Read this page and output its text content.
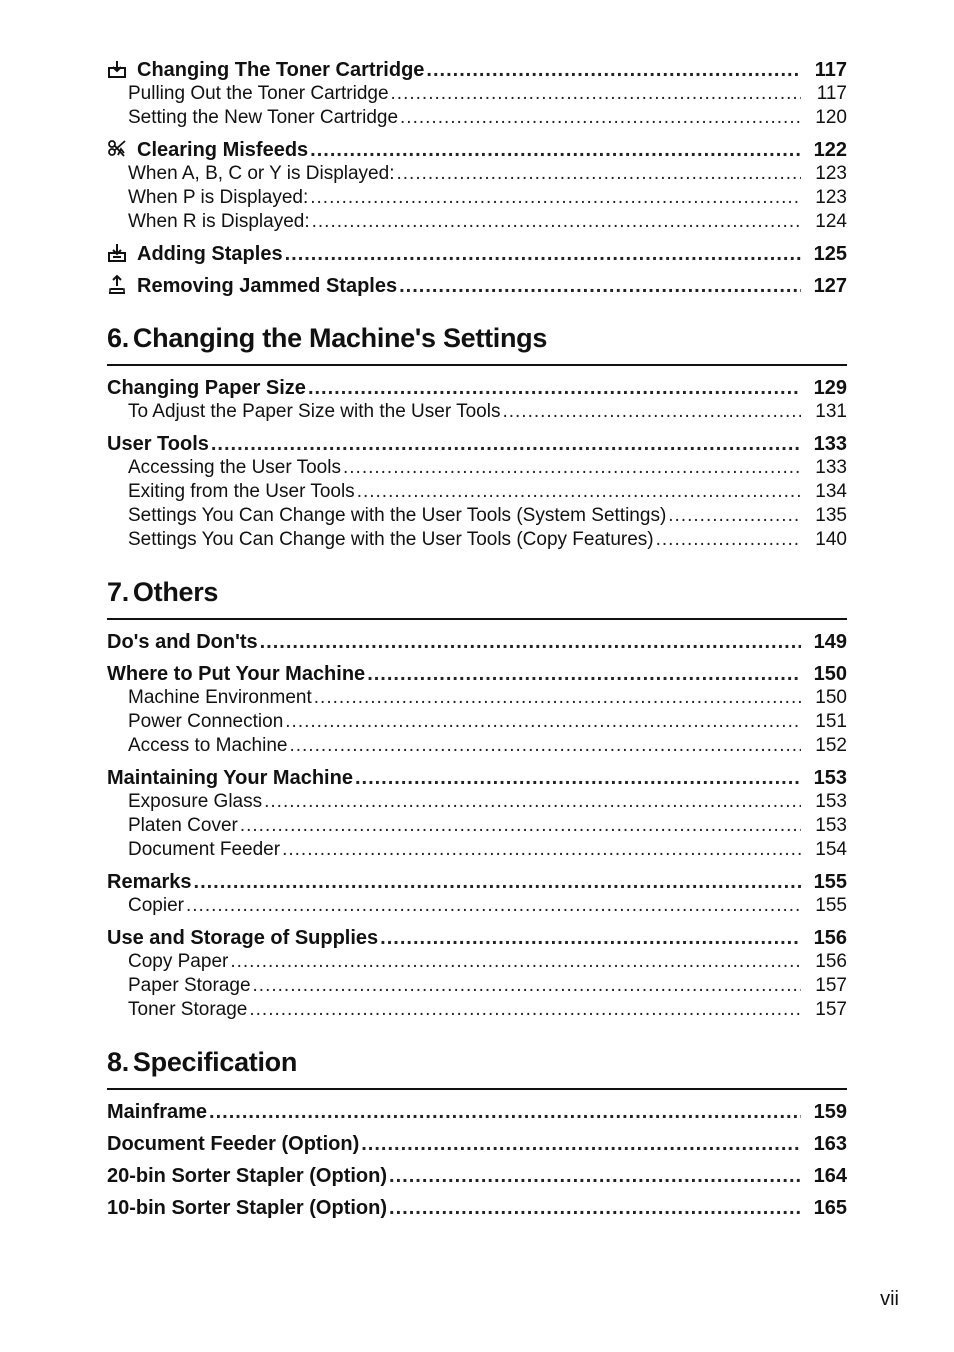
Changing The Toner Cartridge .....	117
Pulling Out the Toner Cartridge .....	117
Setting the New Toner Cartridge .....	120
Clearing Misfeeds .....	122
When A, B, C or Y is Displayed: .....	123
When P is Displayed: .....	123
When R is Displayed: .....	124
Adding Staples .....	125
Removing Jammed Staples .....	127
6. Changing the Machine's Settings
Changing Paper Size .....	129
To Adjust the Paper Size with the User Tools .....	131
User Tools .....	133
Accessing the User Tools .....	133
Exiting from the User Tools .....	134
Settings You Can Change with the User Tools (System Settings) .....	135
Settings You Can Change with the User Tools (Copy Features) .....	140
7. Others
Do's and Don'ts .....	149
Where to Put Your Machine .....	150
Machine Environment .....	150
Power Connection .....	151
Access to Machine .....	152
Maintaining Your Machine .....	153
Exposure Glass .....	153
Platen Cover .....	153
Document Feeder .....	154
Remarks .....	155
Copier .....	155
Use and Storage of Supplies .....	156
Copy Paper .....	156
Paper Storage .....	157
Toner Storage .....	157
8. Specification
Mainframe .....	159
Document Feeder (Option) .....	163
20-bin Sorter Stapler (Option) .....	164
10-bin Sorter Stapler (Option) .....	165
vii
